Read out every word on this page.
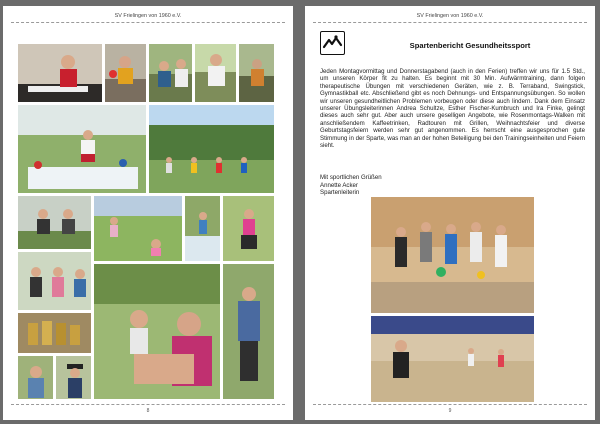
SV Frielingen von 1960 e.V.
8
SV Frielingen von 1960 e.V.
Spartenbericht Gesundheitssport
Jeden Montagvormittag und Donnerstagabend (auch in den Ferien) treffen wir uns für 1.5 Std., um unseren Körper fit zu halten. Es beginnt mit 30 Min. Aufwärmtraining, dann folgen therapeutische Übungen mit verschiedenen Geräten, wie z. B. Terraband, Swingstick, Gymnastikball etc. Abschließend gibt es noch Dehnungs- und Entspannungsübungen. So wollen wir unseren gesundheitlichen Problemen vorbeugen oder diese auch lindern. Dank dem Einsatz unserer Übungsleiterinnen Andrea Schultze, Esther Fischer-Kumbruch und Ira Finke, gelingt dieses auch sehr gut. Aber auch unsere geselligen Angebote, wie Rosenmontags-Walken mit anschließendem Kaffeetrinken, Radtouren mit Grillen, Weihnachtsfeier und diverse Geburtstagsfeiern werden sehr gut angenommen. Es herrscht eine ausgesprochen gute Stimmung in der Sparte, was man an der hohen Beteiligung bei den Trainingseinheiten und Feiern sieht.
Mit sportlichen Grüßen
Annette Acker
Spartenleiterin
9
